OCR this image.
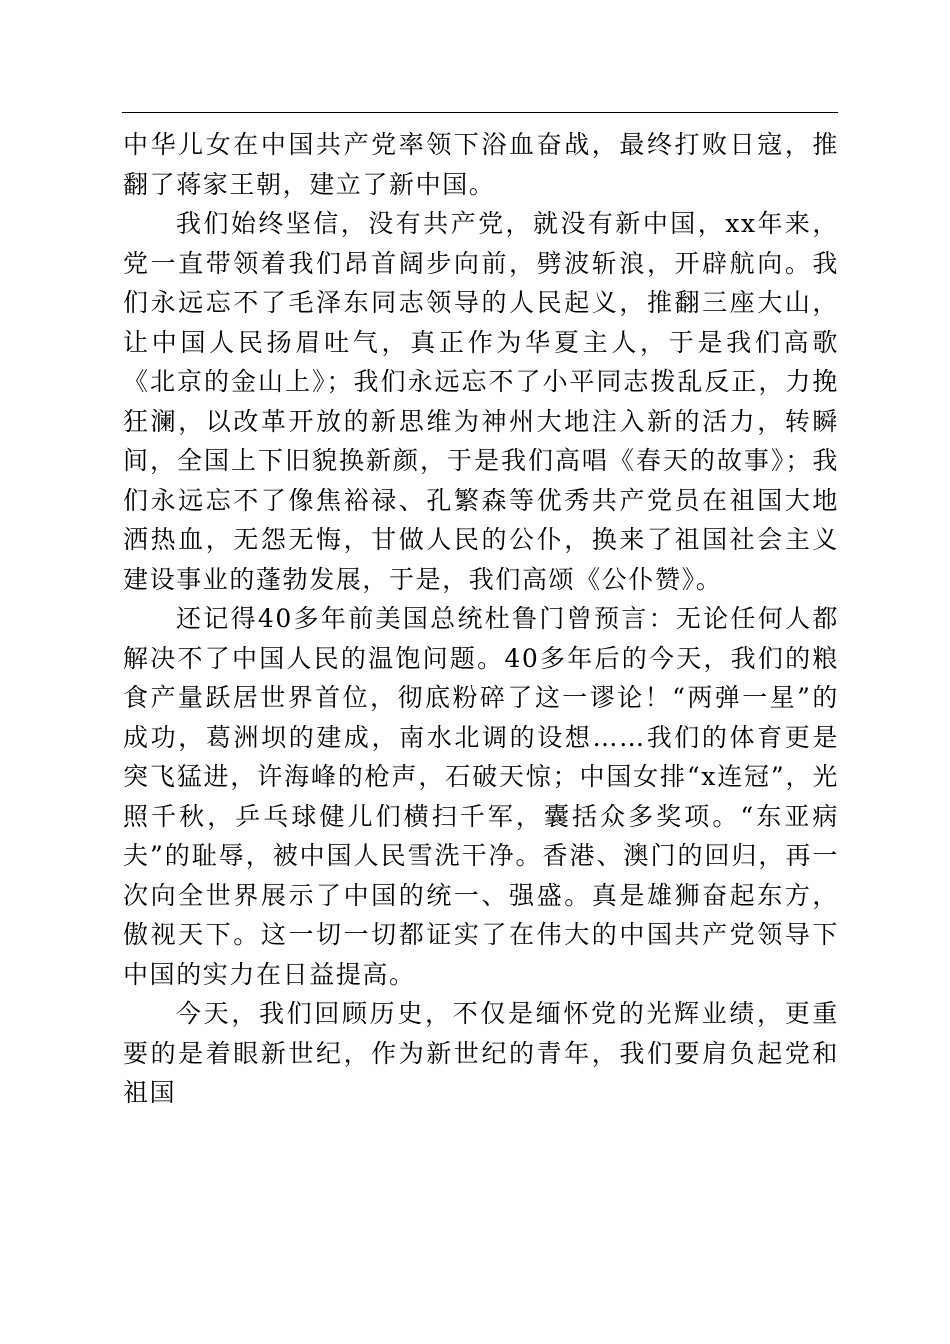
中华儿女在中国共产党率领下浴血奋战，最终打败日寇，推翻了蒋家王朝，建立了新中国。

我们始终坚信，没有共产党，就没有新中国，xx年来，党一直带领着我们昂首阔步向前，劈波斩浪，开辟航向。我们永远忘不了毛泽东同志领导的人民起义，推翻三座大山，让中国人民扬眉吐气，真正作为华夏主人，于是我们高歌《北京的金山上》；我们永远忘不了小平同志拨乱反正，力挽狂澜，以改革开放的新思维为神州大地注入新的活力，转瞬间，全国上下旧貌换新颜，于是我们高唱《春天的故事》；我们永远忘不了像焦裕禄、孔繁森等优秀共产党员在祖国大地洒热血，无怨无悔，甘做人民的公仆，换来了祖国社会主义建设事业的蓬勃发展，于是，我们高颂《公仆赞》。

还记得40多年前美国总统杜鲁门曾预言：无论任何人都解决不了中国人民的温饱问题。40多年后的今天，我们的粮食产量跃居世界首位，彻底粉碎了这一谬论！“两弹一星”的成功，葛洲坝的建成，南水北调的设想……我们的体育更是突飞猛进，许海峰的枪声，石破天惊；中国女排“x连冠”，光照千秋，乒乓球健儿们横扫千军，囊括众多奖项。“东亚病夫”的耻辱，被中国人民雪洗干净。香港、澳门的回归，再一次向全世界展示了中国的统一、强盛。真是雄狮奋起东方，傲视天下。这一切一切都证实了在伟大的中国共产党领导下中国的实力在日益提高。

今天，我们回顾历史，不仅是缅怀党的光辉业绩，更重要的是着眼新世纪，作为新世纪的青年，我们要肩负起党和祖国
